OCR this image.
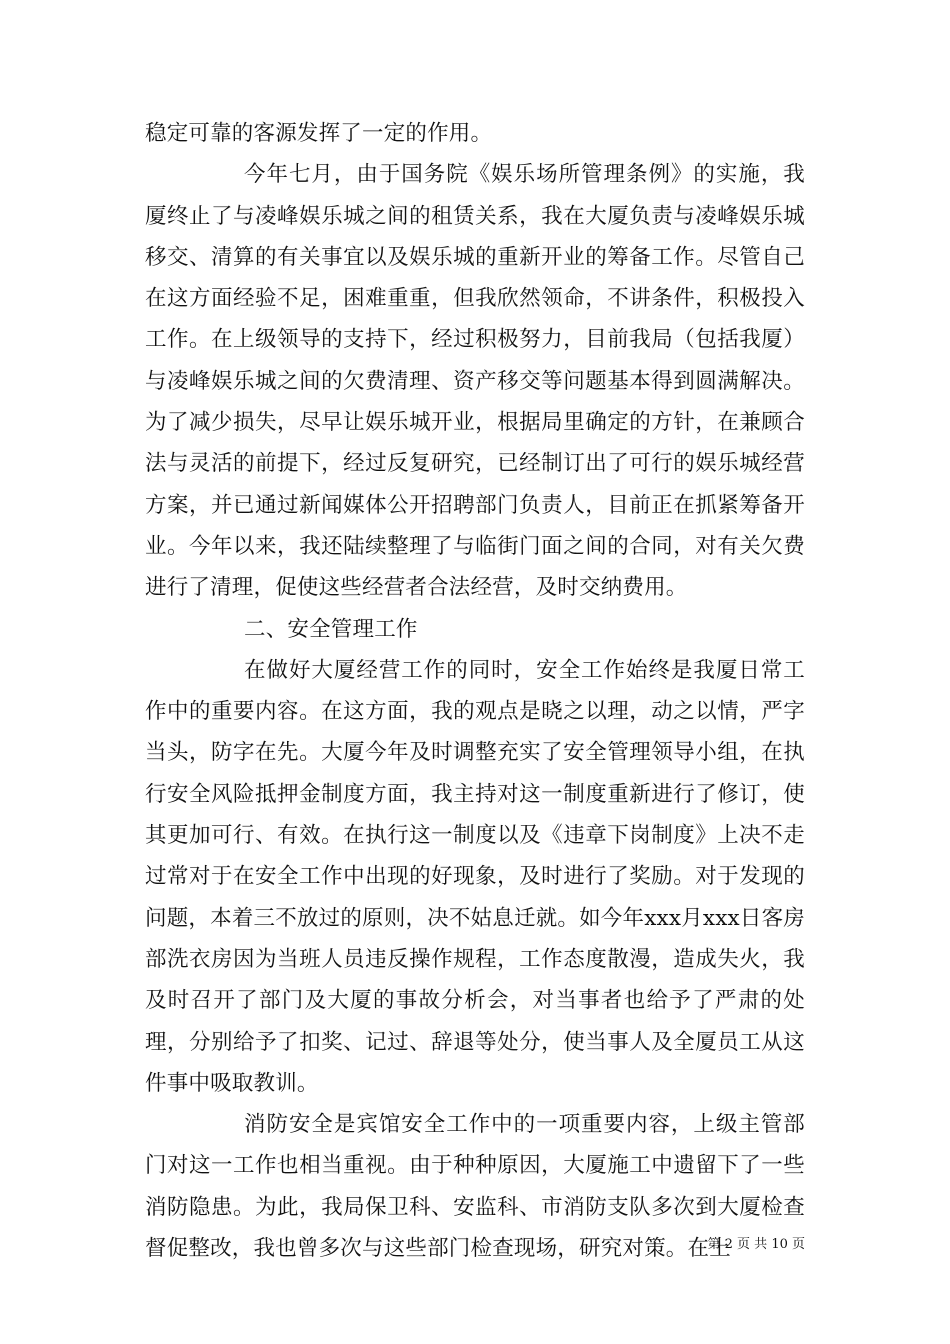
稳定可靠的客源发挥了一定的作用。

今年七月，由于国务院《娱乐场所管理条例》的实施，我厦终止了与凌峰娱乐城之间的租赁关系，我在大厦负责与凌峰娱乐城移交、清算的有关事宜以及娱乐城的重新开业的筹备工作。尽管自己在这方面经验不足，困难重重，但我欣然领命，不讲条件，积极投入工作。在上级领导的支持下，经过积极努力，目前我局（包括我厦）与凌峰娱乐城之间的欠费清理、资产移交等问题基本得到圆满解决。为了减少损失，尽早让娱乐城开业，根据局里确定的方针，在兼顾合法与灵活的前提下，经过反复研究，已经制订出了可行的娱乐城经营方案，并已通过新闻媒体公开招聘部门负责人，目前正在抓紧筹备开业。今年以来，我还陆续整理了与临街门面之间的合同，对有关欠费进行了清理，促使这些经营者合法经营，及时交纳费用。

二、安全管理工作

在做好大厦经营工作的同时，安全工作始终是我厦日常工作中的重要内容。在这方面，我的观点是晓之以理，动之以情，严字当头，防字在先。大厦今年及时调整充实了安全管理领导小组，在执行安全风险抵押金制度方面，我主持对这一制度重新进行了修订，使其更加可行、有效。在执行这一制度以及《违章下岗制度》上决不走过常对于在安全工作中出现的好现象，及时进行了奖励。对于发现的问题，本着三不放过的原则，决不姑息迁就。如今年xxx月xxx日客房部洗衣房因为当班人员违反操作规程，工作态度散漫，造成失火，我及时召开了部门及大厦的事故分析会，对当事者也给予了严肃的处理，分别给予了扣奖、记过、辞退等处分，使当事人及全厦员工从这件事中吸取教训。

消防安全是宾馆安全工作中的一项重要内容，上级主管部门对这一工作也相当重视。由于种种原因，大厦施工中遗留下了一些消防隐患。为此，我局保卫科、安监科、市消防支队多次到大厦检查督促整改，我也曾多次与这些部门检查现场，研究对策。在上

第 2 页 共 10 页
